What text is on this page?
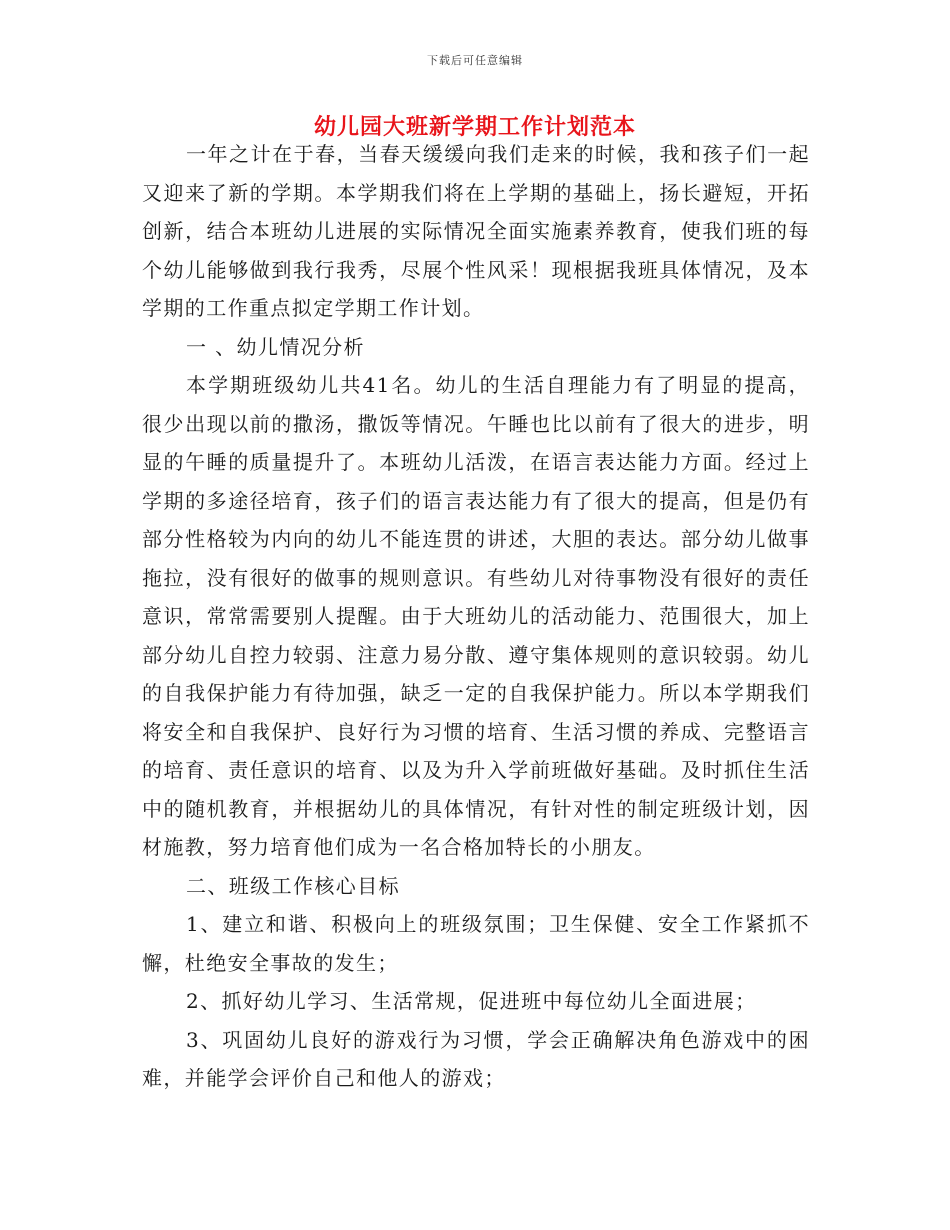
下载后可任意编辑
幼儿园大班新学期工作计划范本

一年之计在于春，当春天缓缓向我们走来的时候，我和孩子们一起又迎来了新的学期。本学期我们将在上学期的基础上，扬长避短，开拓创新，结合本班幼儿进展的实际情况全面实施素养教育，使我们班的每个幼儿能够做到我行我秀，尽展个性风采！现根据我班具体情况，及本学期的工作重点拟定学期工作计划。

一 、幼儿情况分析

本学期班级幼儿共41名。幼儿的生活自理能力有了明显的提高，很少出现以前的撒汤，撒饭等情况。午睡也比以前有了很大的进步，明显的午睡的质量提升了。本班幼儿活泼，在语言表达能力方面。经过上学期的多途径培育，孩子们的语言表达能力有了很大的提高，但是仍有部分性格较为内向的幼儿不能连贯的讲述，大胆的表达。部分幼儿做事拖拉，没有很好的做事的规则意识。有些幼儿对待事物没有很好的责任意识，常常需要别人提醒。由于大班幼儿的活动能力、范围很大，加上部分幼儿自控力较弱、注意力易分散、遵守集体规则的意识较弱。幼儿的自我保护能力有待加强，缺乏一定的自我保护能力。所以本学期我们将安全和自我保护、良好行为习惯的培育、生活习惯的养成、完整语言的培育、责任意识的培育、以及为升入学前班做好基础。及时抓住生活中的随机教育，并根据幼儿的具体情况，有针对性的制定班级计划，因材施教，努力培育他们成为一名合格加特长的小朋友。

二、班级工作核心目标

1、建立和谐、积极向上的班级氛围；卫生保健、安全工作紧抓不懈，杜绝安全事故的发生；

2、抓好幼儿学习、生活常规，促进班中每位幼儿全面进展；

3、巩固幼儿良好的游戏行为习惯，学会正确解决角色游戏中的困难，并能学会评价自己和他人的游戏；
